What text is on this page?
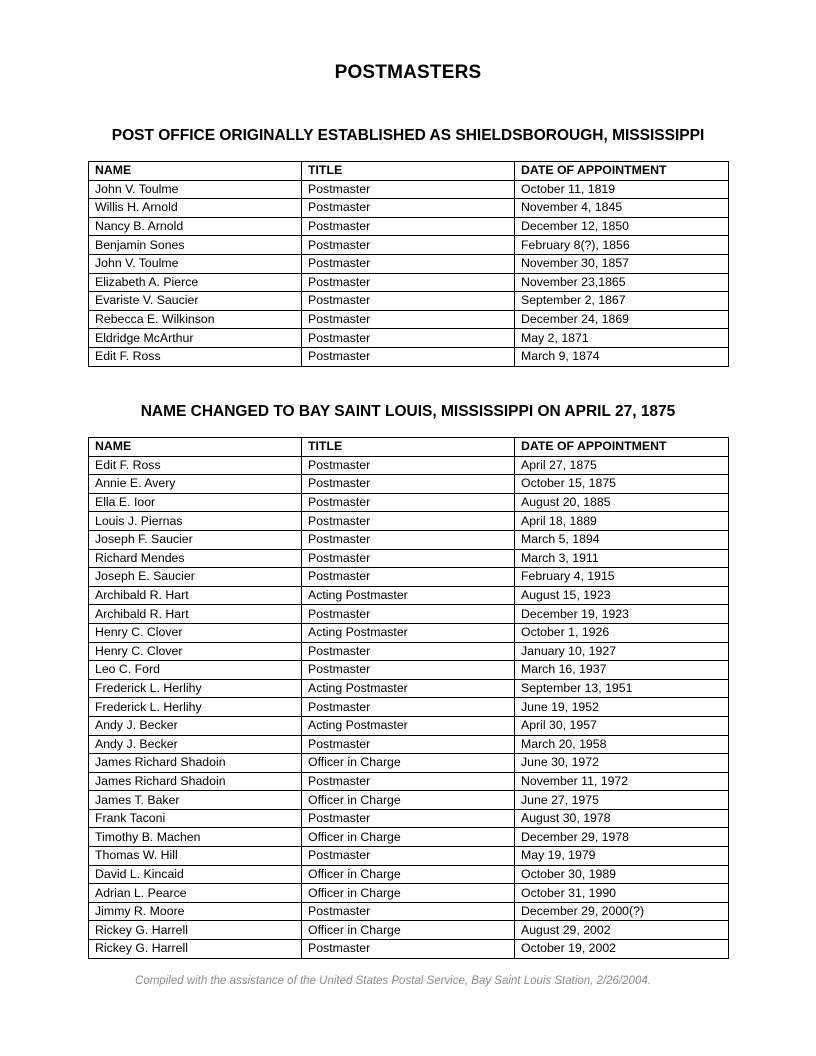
POSTMASTERS
POST OFFICE ORIGINALLY ESTABLISHED AS SHIELDSBOROUGH, MISSISSIPPI
NAME	TITLE	DATE OF APPOINTMENT
John V. Toulme	Postmaster	October 11, 1819
Willis H. Arnold	Postmaster	November 4, 1845
Nancy B. Arnold	Postmaster	December 12, 1850
Benjamin Sones	Postmaster	February 8(?), 1856
John V. Toulme	Postmaster	November 30, 1857
Elizabeth A. Pierce	Postmaster	November 23,1865
Evariste V. Saucier	Postmaster	September 2, 1867
Rebecca E. Wilkinson	Postmaster	December 24, 1869
Eldridge McArthur	Postmaster	May 2, 1871
Edit F. Ross	Postmaster	March 9, 1874
NAME CHANGED TO BAY SAINT LOUIS, MISSISSIPPI ON APRIL 27, 1875
NAME	TITLE	DATE OF APPOINTMENT
Edit F. Ross	Postmaster	April 27, 1875
Annie E. Avery	Postmaster	October 15, 1875
Ella E. Ioor	Postmaster	August 20, 1885
Louis J. Piernas	Postmaster	April 18, 1889
Joseph F. Saucier	Postmaster	March 5, 1894
Richard Mendes	Postmaster	March 3, 1911
Joseph E. Saucier	Postmaster	February 4, 1915
Archibald R. Hart	Acting Postmaster	August 15, 1923
Archibald R. Hart	Postmaster	December 19, 1923
Henry C. Clover	Acting Postmaster	October 1, 1926
Henry C. Clover	Postmaster	January 10, 1927
Leo C. Ford	Postmaster	March 16, 1937
Frederick L. Herlihy	Acting Postmaster	September 13, 1951
Frederick L. Herlihy	Postmaster	June 19, 1952
Andy J. Becker	Acting Postmaster	April 30, 1957
Andy J. Becker	Postmaster	March 20, 1958
James Richard Shadoin	Officer in Charge	June 30, 1972
James Richard Shadoin	Postmaster	November 11, 1972
James T. Baker	Officer in Charge	June 27, 1975
Frank Taconi	Postmaster	August 30, 1978
Timothy B. Machen	Officer in Charge	December 29, 1978
Thomas W. Hill	Postmaster	May 19, 1979
David L. Kincaid	Officer in Charge	October 30, 1989
Adrian L. Pearce	Officer in Charge	October 31, 1990
Jimmy R. Moore	Postmaster	December 29, 2000(?)
Rickey G. Harrell	Officer in Charge	August 29, 2002
Rickey G. Harrell	Postmaster	October 19, 2002
Compiled with the assistance of the United States Postal Service, Bay Saint Louis Station, 2/26/2004.
